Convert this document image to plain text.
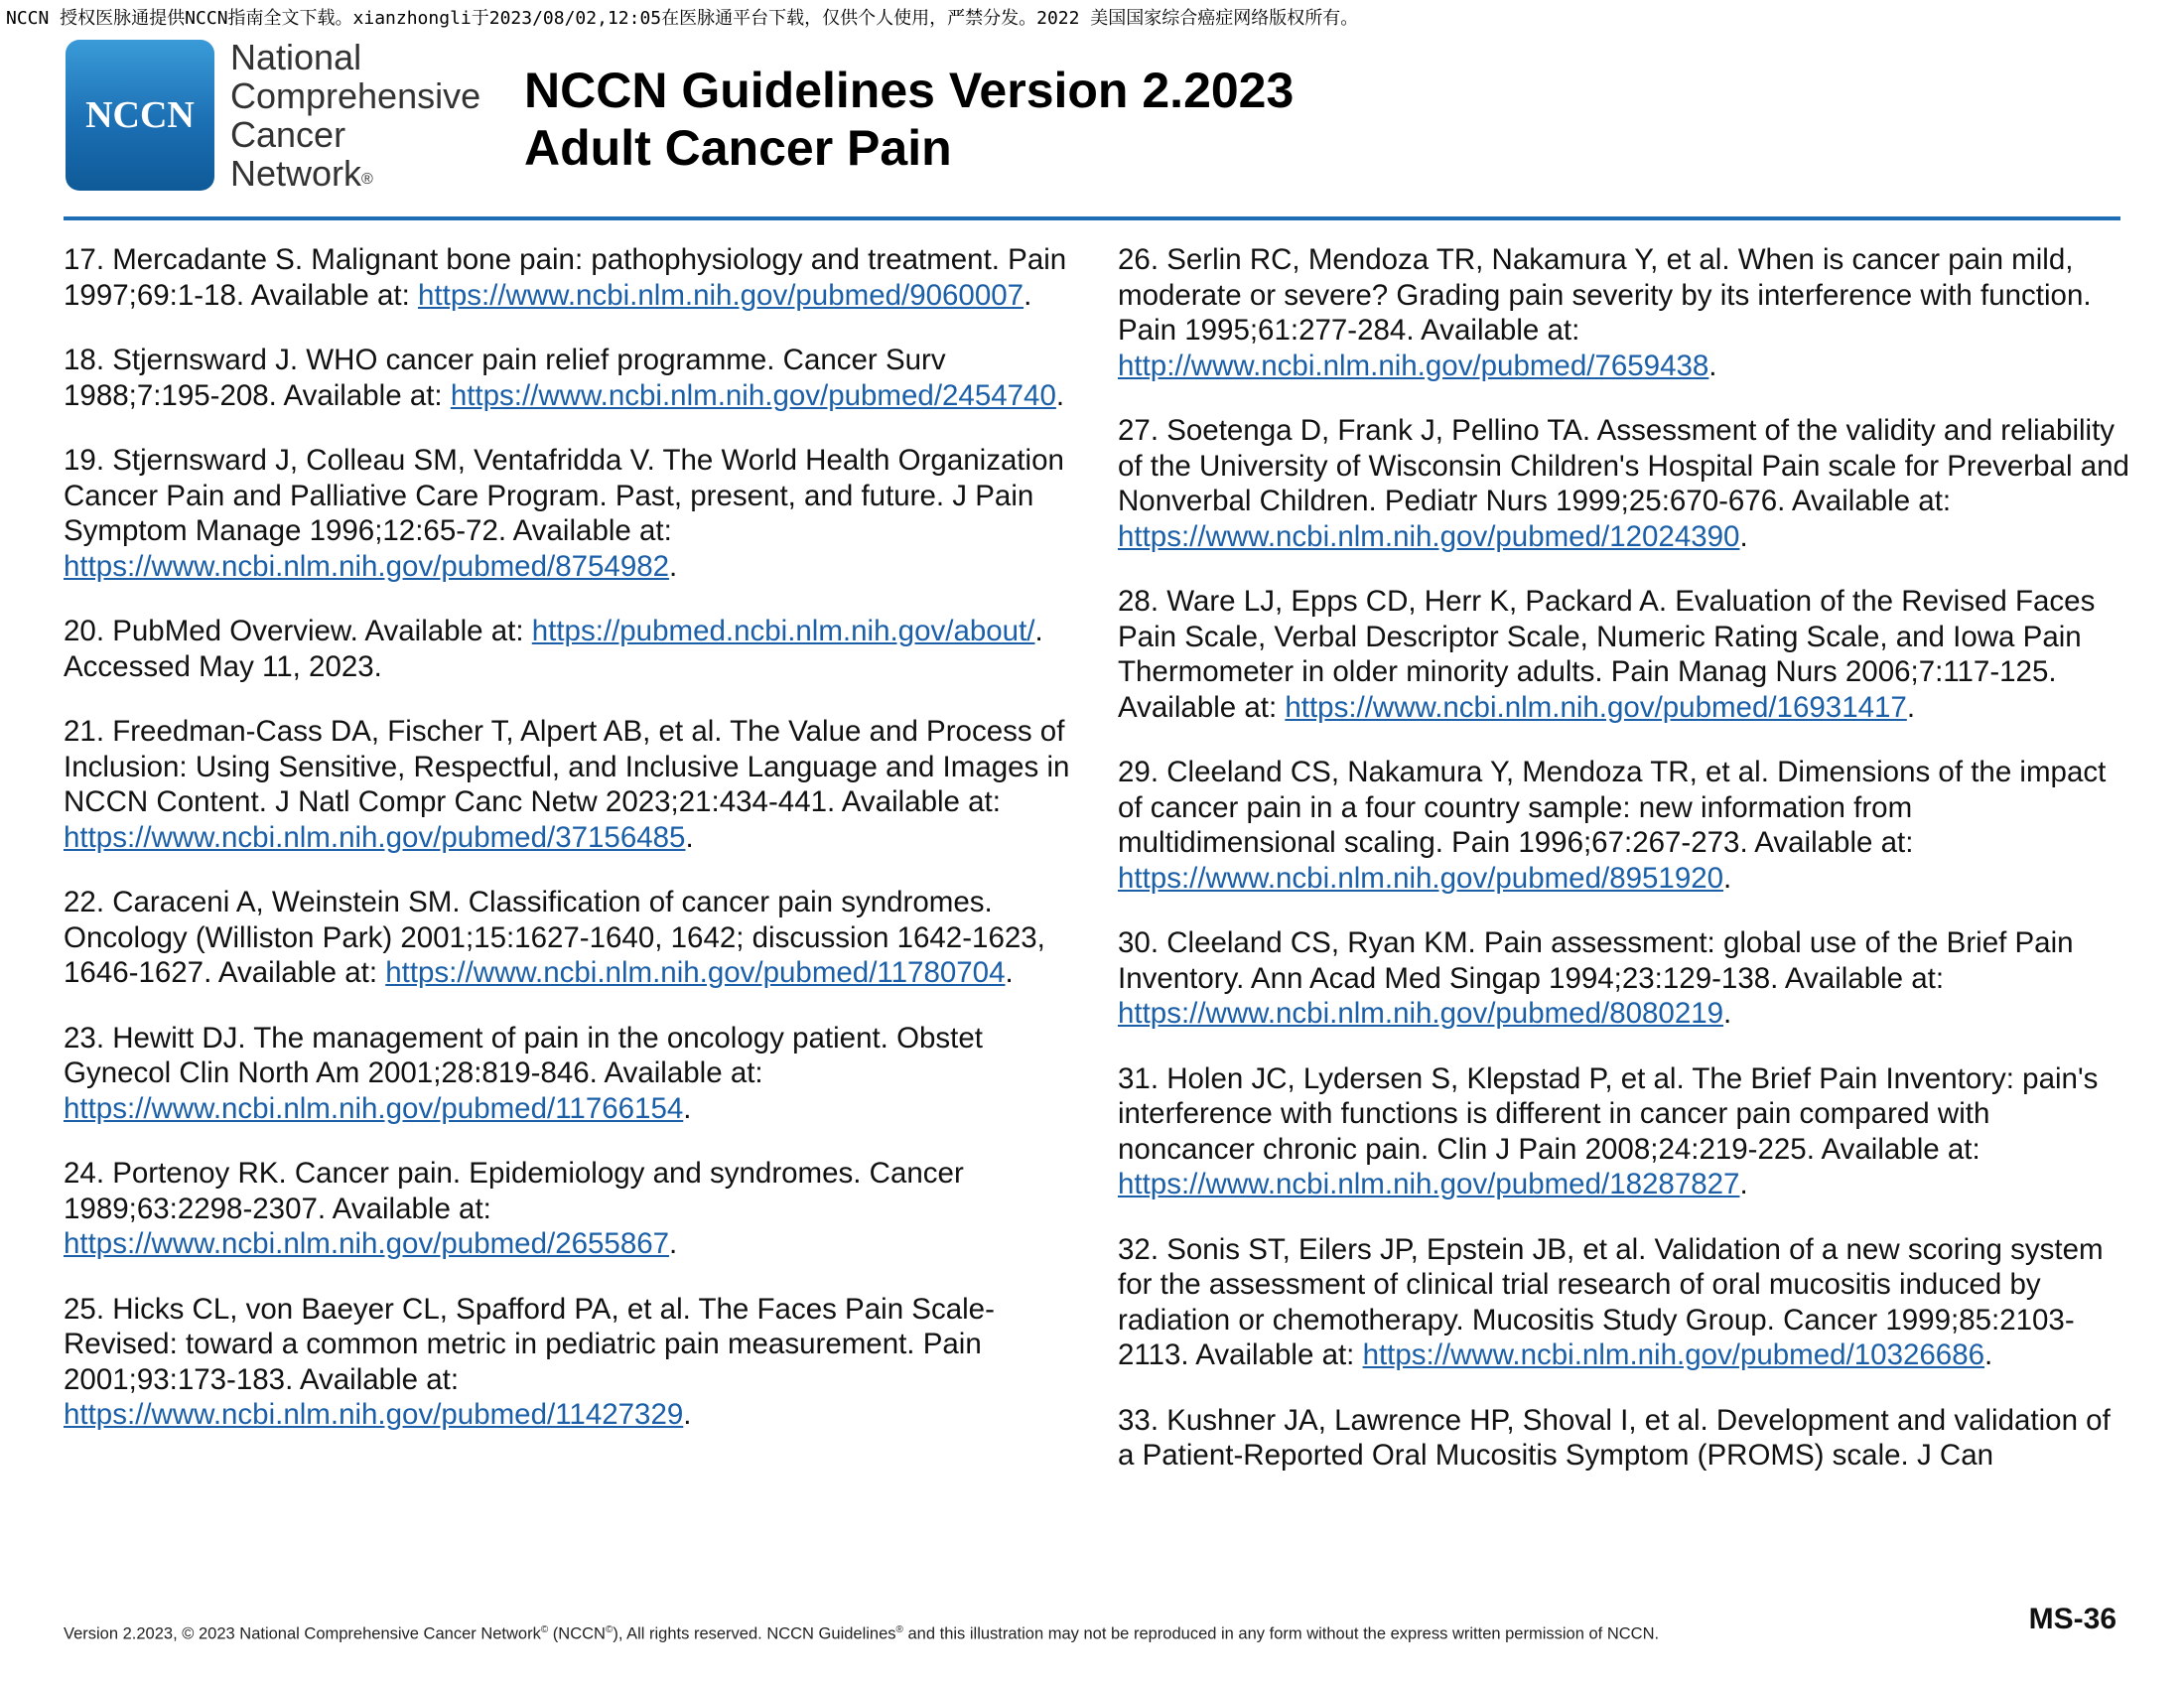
NCCN 授权医脉通提供NCCN指南全文下载。xianzhongli于2023/08/02,12:05在医脉通平台下载，仅供个人使用，严禁分发。2022 美国国家综合癌症网络版权所有。
NCCN
National
Comprehensive
Cancer
Network®
NCCN Guidelines Version 2.2023
Adult Cancer Pain
17. Mercadante S. Malignant bone pain: pathophysiology and treatment. Pain 1997;69:1-18. Available at: https://www.ncbi.nlm.nih.gov/pubmed/9060007.
18. Stjernsward J. WHO cancer pain relief programme. Cancer Surv 1988;7:195-208. Available at: https://www.ncbi.nlm.nih.gov/pubmed/2454740.
19. Stjernsward J, Colleau SM, Ventafridda V. The World Health Organization Cancer Pain and Palliative Care Program. Past, present, and future. J Pain Symptom Manage 1996;12:65-72. Available at: https://www.ncbi.nlm.nih.gov/pubmed/8754982.
20. PubMed Overview. Available at: https://pubmed.ncbi.nlm.nih.gov/about/. Accessed May 11, 2023.
21. Freedman-Cass DA, Fischer T, Alpert AB, et al. The Value and Process of Inclusion: Using Sensitive, Respectful, and Inclusive Language and Images in NCCN Content. J Natl Compr Canc Netw 2023;21:434-441. Available at: https://www.ncbi.nlm.nih.gov/pubmed/37156485.
22. Caraceni A, Weinstein SM. Classification of cancer pain syndromes. Oncology (Williston Park) 2001;15:1627-1640, 1642; discussion 1642-1623, 1646-1627. Available at: https://www.ncbi.nlm.nih.gov/pubmed/11780704.
23. Hewitt DJ. The management of pain in the oncology patient. Obstet Gynecol Clin North Am 2001;28:819-846. Available at: https://www.ncbi.nlm.nih.gov/pubmed/11766154.
24. Portenoy RK. Cancer pain. Epidemiology and syndromes. Cancer 1989;63:2298-2307. Available at: https://www.ncbi.nlm.nih.gov/pubmed/2655867.
25. Hicks CL, von Baeyer CL, Spafford PA, et al. The Faces Pain Scale-Revised: toward a common metric in pediatric pain measurement. Pain 2001;93:173-183. Available at: https://www.ncbi.nlm.nih.gov/pubmed/11427329.
26. Serlin RC, Mendoza TR, Nakamura Y, et al. When is cancer pain mild, moderate or severe? Grading pain severity by its interference with function. Pain 1995;61:277-284. Available at: http://www.ncbi.nlm.nih.gov/pubmed/7659438.
27. Soetenga D, Frank J, Pellino TA. Assessment of the validity and reliability of the University of Wisconsin Children's Hospital Pain scale for Preverbal and Nonverbal Children. Pediatr Nurs 1999;25:670-676. Available at: https://www.ncbi.nlm.nih.gov/pubmed/12024390.
28. Ware LJ, Epps CD, Herr K, Packard A. Evaluation of the Revised Faces Pain Scale, Verbal Descriptor Scale, Numeric Rating Scale, and Iowa Pain Thermometer in older minority adults. Pain Manag Nurs 2006;7:117-125. Available at: https://www.ncbi.nlm.nih.gov/pubmed/16931417.
29. Cleeland CS, Nakamura Y, Mendoza TR, et al. Dimensions of the impact of cancer pain in a four country sample: new information from multidimensional scaling. Pain 1996;67:267-273. Available at: https://www.ncbi.nlm.nih.gov/pubmed/8951920.
30. Cleeland CS, Ryan KM. Pain assessment: global use of the Brief Pain Inventory. Ann Acad Med Singap 1994;23:129-138. Available at: https://www.ncbi.nlm.nih.gov/pubmed/8080219.
31. Holen JC, Lydersen S, Klepstad P, et al. The Brief Pain Inventory: pain's interference with functions is different in cancer pain compared with noncancer chronic pain. Clin J Pain 2008;24:219-225. Available at: https://www.ncbi.nlm.nih.gov/pubmed/18287827.
32. Sonis ST, Eilers JP, Epstein JB, et al. Validation of a new scoring system for the assessment of clinical trial research of oral mucositis induced by radiation or chemotherapy. Mucositis Study Group. Cancer 1999;85:2103-2113. Available at: https://www.ncbi.nlm.nih.gov/pubmed/10326686.
33. Kushner JA, Lawrence HP, Shoval I, et al. Development and validation of a Patient-Reported Oral Mucositis Symptom (PROMS) scale. J Can
Version 2.2023, © 2023 National Comprehensive Cancer Network© (NCCN©), All rights reserved. NCCN Guidelines® and this illustration may not be reproduced in any form without the express written permission of NCCN.	MS-36
